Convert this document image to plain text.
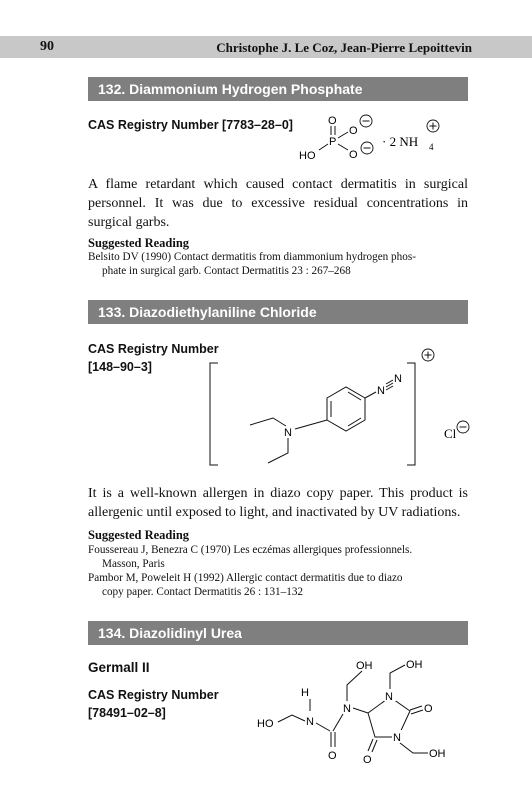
90	Christophe J. Le Coz, Jean-Pierre Lepoittevin
132. Diammonium Hydrogen Phosphate
CAS Registry Number [7783–28–0]	O
P
O
O
HO
· 2 NH 4
A flame retardant which caused contact dermatitis in surgical personnel. It was due to excessive residual concentrations in surgical garbs.
Suggested Reading
Belsito DV (1990) Contact dermatitis from diammonium hydrogen phos-
phate in surgical garb. Contact Dermatitis 23 : 267–268
133. Diazodiethylaniline Chloride
CAS Registry Number
[148–90–3]
N
N
N	Cl
It is a well-known allergen in diazo copy paper. This product is allergenic until exposed to light, and inactivated by UV radiations.
Suggested Reading
Foussereau J, Benezra C (1970) Les eczémas allergiques professionnels.
Masson, Paris
Pambor M, Poweleit H (1992) Allergic contact dermatitis due to diazo
copy paper. Contact Dermatitis 26 : 131–132
134. Diazolidinyl Urea
Germall II
CAS Registry Number
[78491–02–8]
HO	N
H
O
N
OH
N
N
O
O
OH
OH
